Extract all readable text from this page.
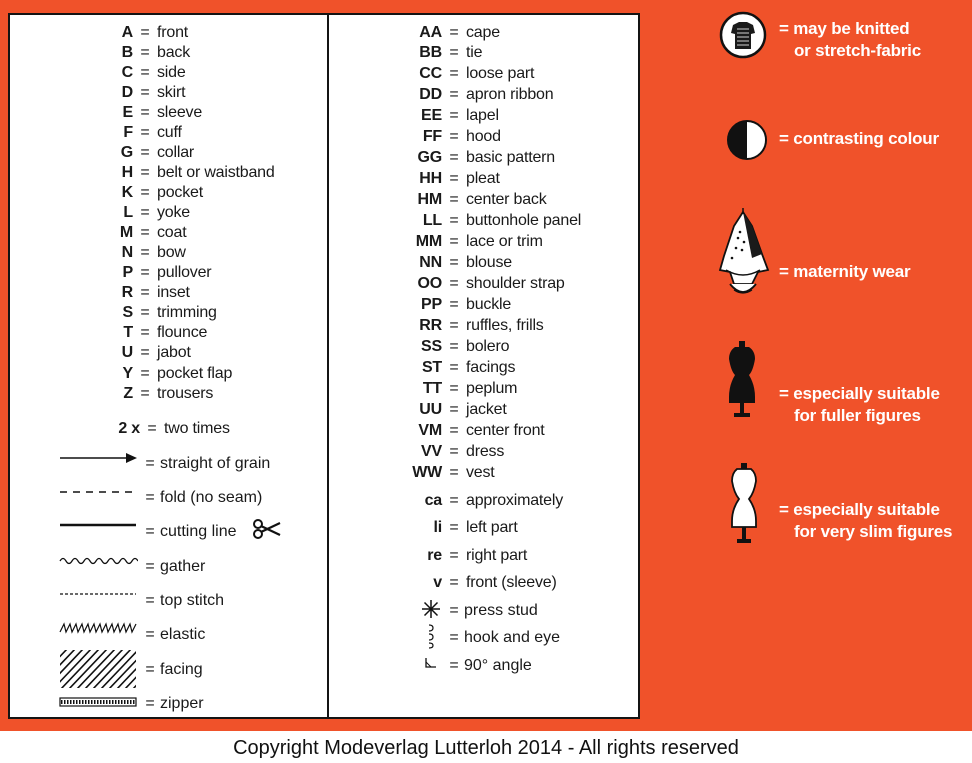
A = front
B = back
C = side
D = skirt
E = sleeve
F = cuff
G = collar
H = belt or waistband
K = pocket
L = yoke
M = coat
N = bow
P = pullover
R = inset
S = trimming
T = flounce
U = jabot
Y = pocket flap
Z = trousers
2 x = two times
= straight of grain
= fold (no seam)
= cutting line
= gather
= top stitch
= elastic
= facing
= zipper
AA = cape
BB = tie
CC = loose part
DD = apron ribbon
EE = lapel
FF = hood
GG = basic pattern
HH = pleat
HM = center back
LL = buttonhole panel
MM = lace or trim
NN = blouse
OO = shoulder strap
PP = buckle
RR = ruffles, frills
SS = bolero
ST = facings
TT = peplum
UU = jacket
VM = center front
VV = dress
WW = vest
ca = approximately
li = left part
re = right part
v = front (sleeve)
= press stud
= hook and eye
= 90° angle
= may be knitted
or stretch-fabric
= contrasting colour
= maternity wear
= especially suitable
for fuller figures
= especially suitable
for very slim figures
Copyright Modeverlag Lutterloh 2014 - All rights reserved
